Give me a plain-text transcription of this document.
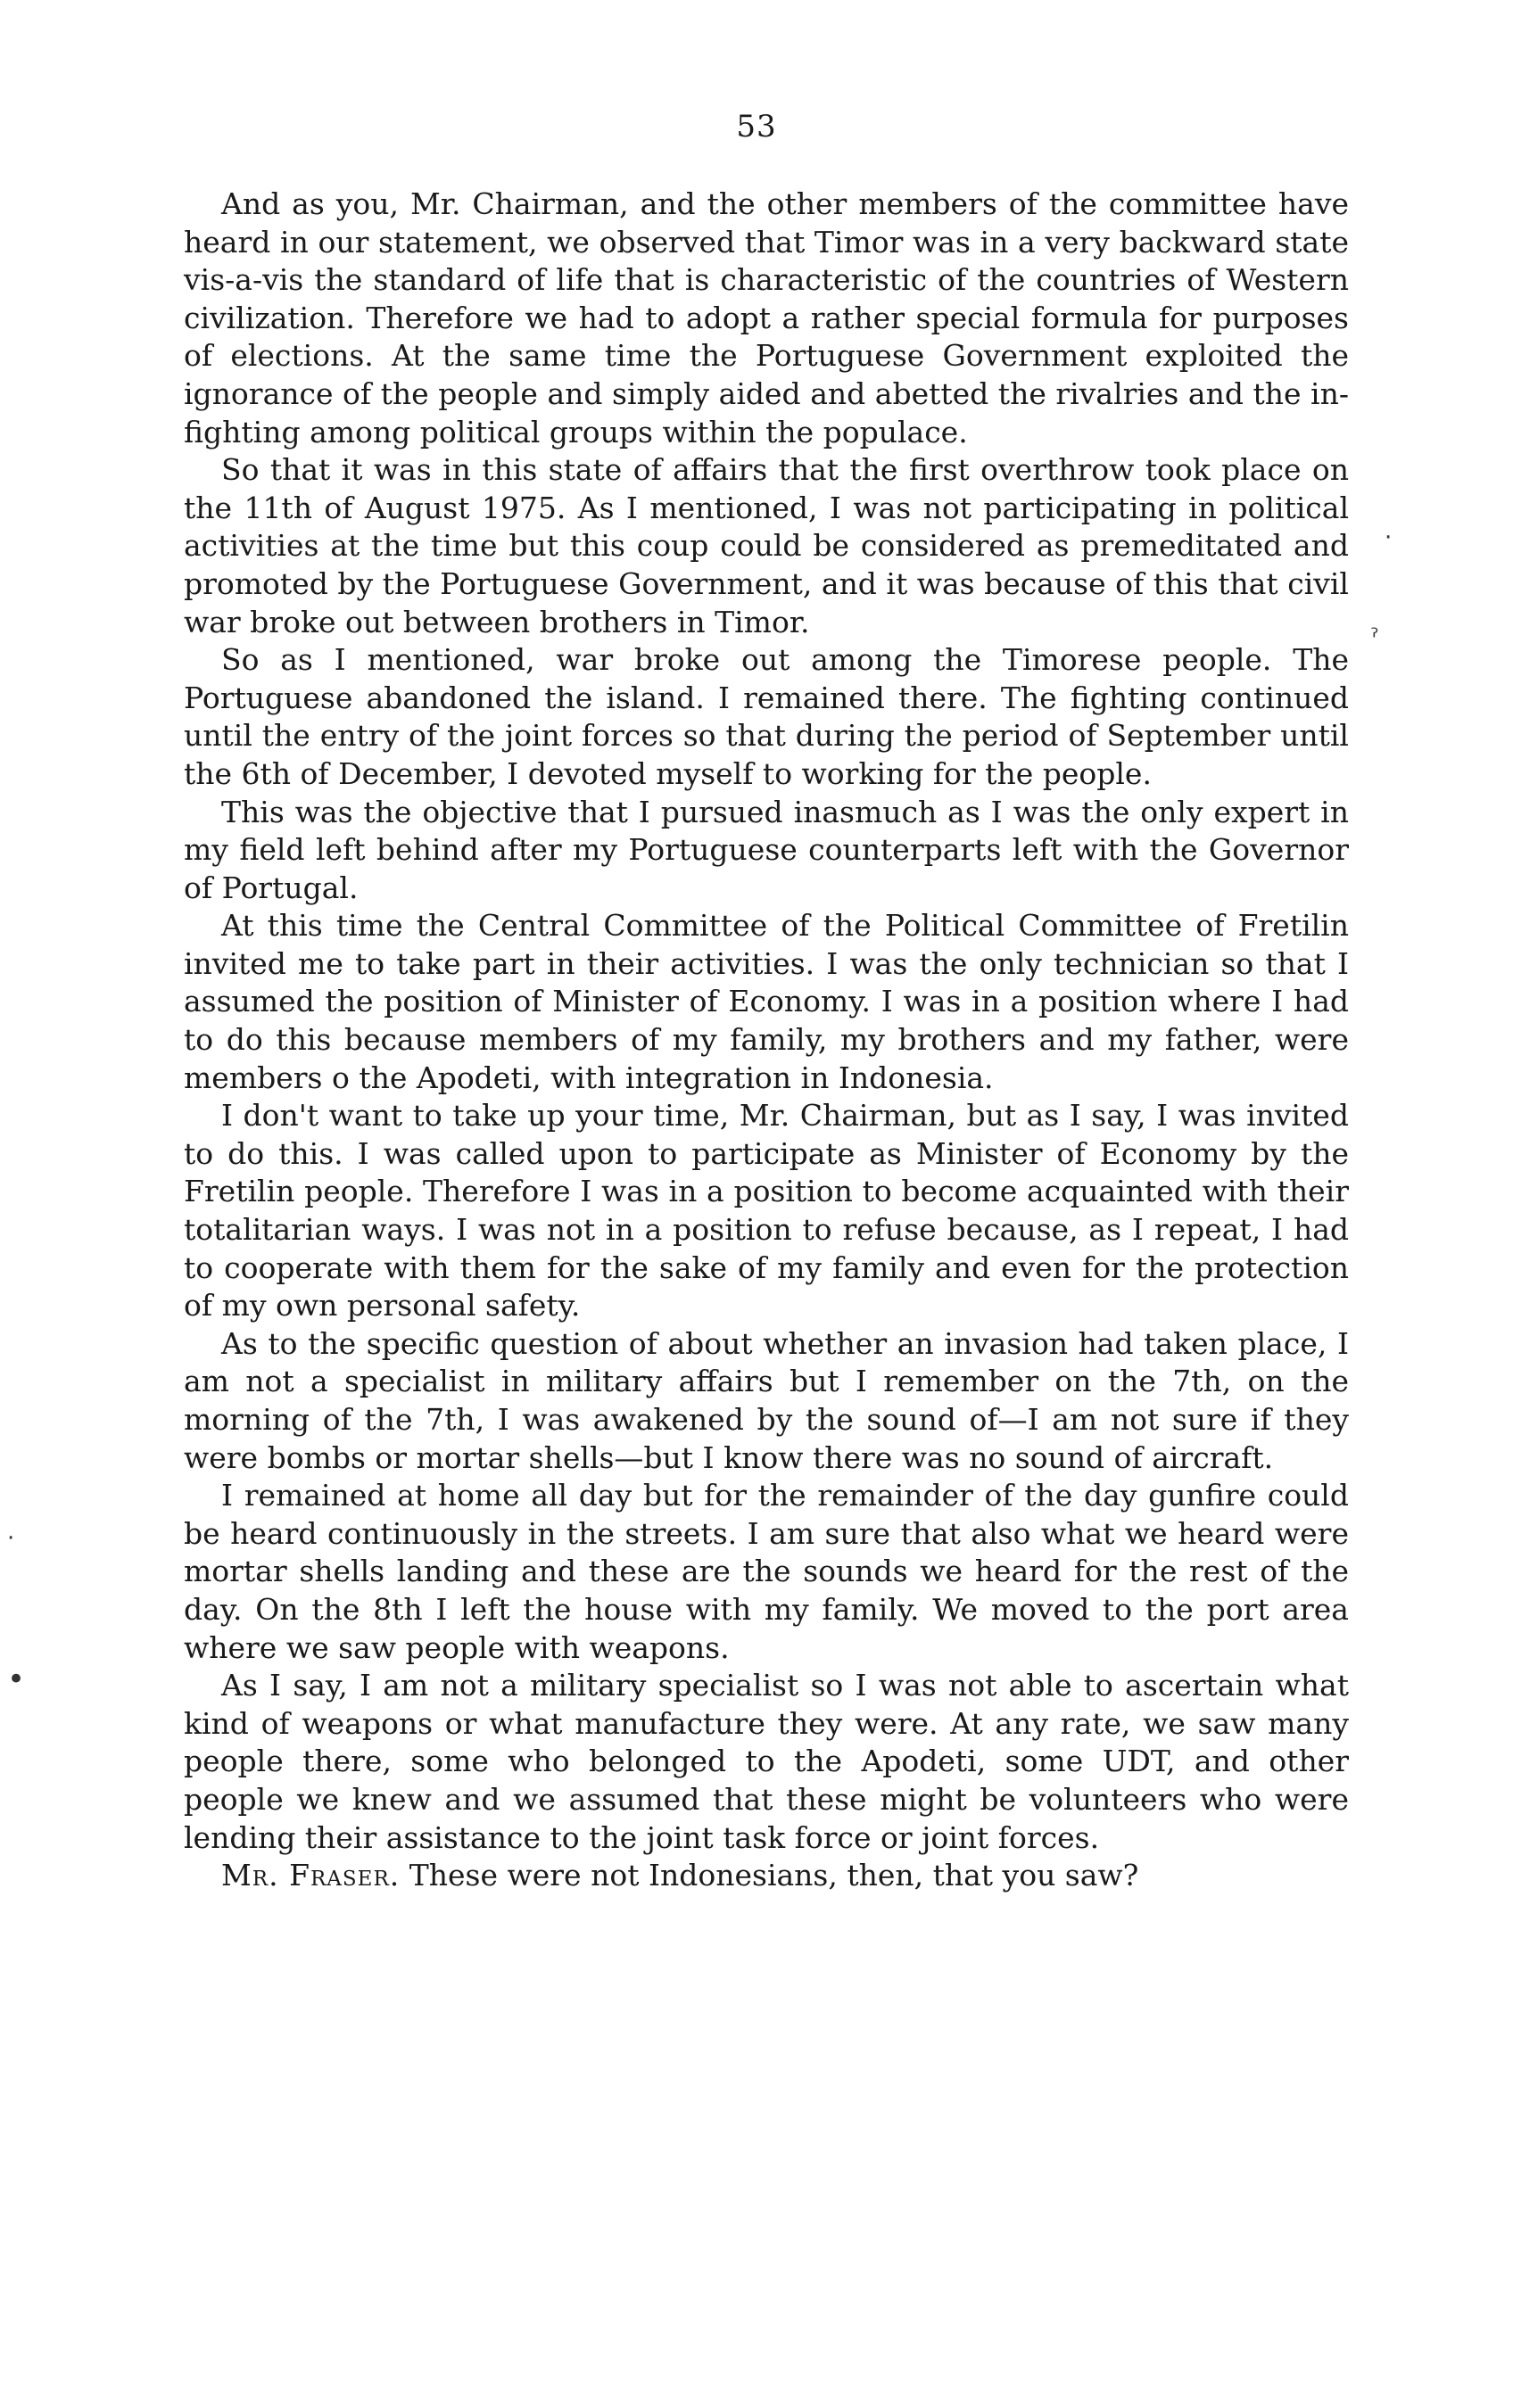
53

And as you, Mr. Chairman, and the other members of the committee have heard in our statement, we observed that Timor was in a very backward state vis-a-vis the standard of life that is characteristic of the countries of Western civilization. Therefore we had to adopt a rather special formula for purposes of elections. At the same time the Portuguese Government exploited the ignorance of the people and simply aided and abetted the rivalries and the in-fighting among political groups within the populace.

So that it was in this state of affairs that the first overthrow took place on the 11th of August 1975. As I mentioned, I was not participating in political activities at the time but this coup could be considered as premeditated and promoted by the Portuguese Government, and it was because of this that civil war broke out between brothers in Timor.

So as I mentioned, war broke out among the Timorese people. The Portuguese abandoned the island. I remained there. The fighting continued until the entry of the joint forces so that during the period of September until the 6th of December, I devoted myself to working for the people.

This was the objective that I pursued inasmuch as I was the only expert in my field left behind after my Portuguese counterparts left with the Governor of Portugal.

At this time the Central Committee of the Political Committee of Fretilin invited me to take part in their activities. I was the only technician so that I assumed the position of Minister of Economy. I was in a position where I had to do this because members of my family, my brothers and my father, were members o the Apodeti, with integration in Indonesia.

I don't want to take up your time, Mr. Chairman, but as I say, I was invited to do this. I was called upon to participate as Minister of Economy by the Fretilin people. Therefore I was in a position to become acquainted with their totalitarian ways. I was not in a position to refuse because, as I repeat, I had to cooperate with them for the sake of my family and even for the protection of my own personal safety.

As to the specific question of about whether an invasion had taken place, I am not a specialist in military affairs but I remember on the 7th, on the morning of the 7th, I was awakened by the sound of—I am not sure if they were bombs or mortar shells—but I know there was no sound of aircraft.

I remained at home all day but for the remainder of the day gunfire could be heard continuously in the streets. I am sure that also what we heard were mortar shells landing and these are the sounds we heard for the rest of the day. On the 8th I left the house with my family. We moved to the port area where we saw people with weapons.

As I say, I am not a military specialist so I was not able to ascertain what kind of weapons or what manufacture they were. At any rate, we saw many people there, some who belonged to the Apodeti, some UDT, and other people we knew and we assumed that these might be volunteers who were lending their assistance to the joint task force or joint forces.

Mr. Fraser. These were not Indonesians, then, that you saw?

·
ˀ
·
•
